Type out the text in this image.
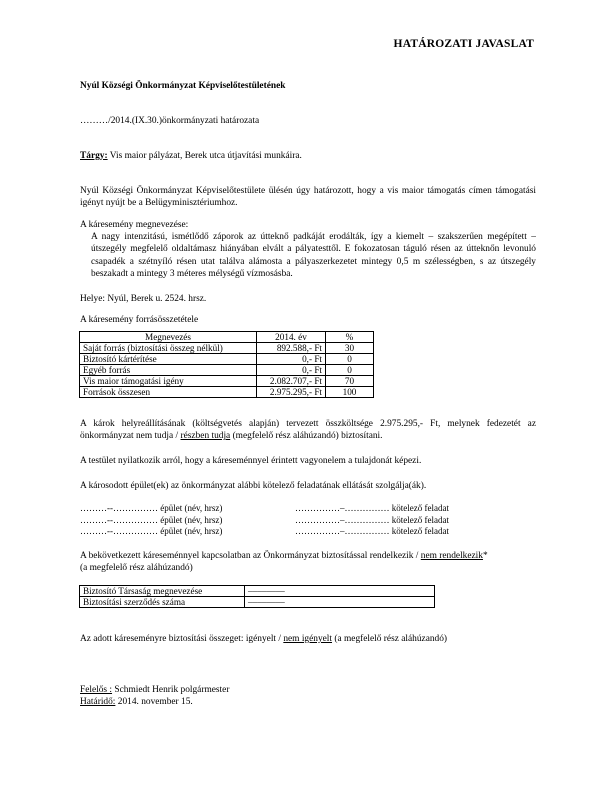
HATÁROZATI JAVASLAT
Nyúl Községi Önkormányzat Képviselőtestületének
………/2014.(IX.30.)önkormányzati határozata
Tárgy: Vis maior pályázat, Berek utca útjavítási munkáira.
Nyúl Községi Önkormányzat Képviselőtestülete ülésén úgy határozott, hogy a vis maior támogatás címen támogatási igényt nyújt be a Belügyminisztériumhoz.
A káresemény megnevezése:
A nagy intenzitású, ismétlődő záporok az útteknő padkáját erodálták, így a kiemelt – szakszerűen megépített – útszegély megfelelő oldaltámasz hiányában elvált a pályatesttől. E fokozatosan táguló résen az útteknőn levonuló csapadék a szétnyíló résen utat találva alámosta a pályaszerkezetet mintegy 0,5 m szélességben, s az útszegély beszakadt a mintegy 3 méteres mélységű vízmosásba.
Helye: Nyúl, Berek u. 2524. hrsz.
A káresemény forrásösszetétele
Megnevezés	2014. év	%
Saját forrás (biztosítási összeg nélkül)	892.588,- Ft	30
Biztosító kártérítése	0,- Ft	0
Egyéb forrás	0,- Ft	0
Vis maior támogatási igény	2.082.707,- Ft	70
Források összesen	2.975.295,- Ft	100
A károk helyreállításának (költségvetés alapján) tervezett összköltsége 2.975.295,- Ft, melynek fedezetét az önkormányzat nem tudja / részben tudja (megfelelő rész aláhúzandó) biztosítani.
A testület nyilatkozik arról, hogy a káreseménnyel érintett vagyonelem a tulajdonát képezi.
A károsodott épület(ek) az önkormányzat alábbi kötelező feladatának ellátását szolgálja(ák).
………--…………… épület (név, hrsz)	……………–…………… kötelező feladat
………--…………… épület (név, hrsz)	……………–…………… kötelező feladat
………--…………… épület (név, hrsz)	……………–…………… kötelező feladat
A bekövetkezett káreseménnyel kapcsolatban az Önkormányzat biztosítással rendelkezik / nem rendelkezik*
(a megfelelő rész aláhúzandó)
Biztosító Társaság megnevezése	––––––––
Biztosítási szerződés száma	––––––––
Az adott káreseményre biztosítási összeget: igényelt / nem igényelt (a megfelelő rész aláhúzandó)
Felelős : Schmiedt Henrik polgármester
Határidő: 2014. november 15.
